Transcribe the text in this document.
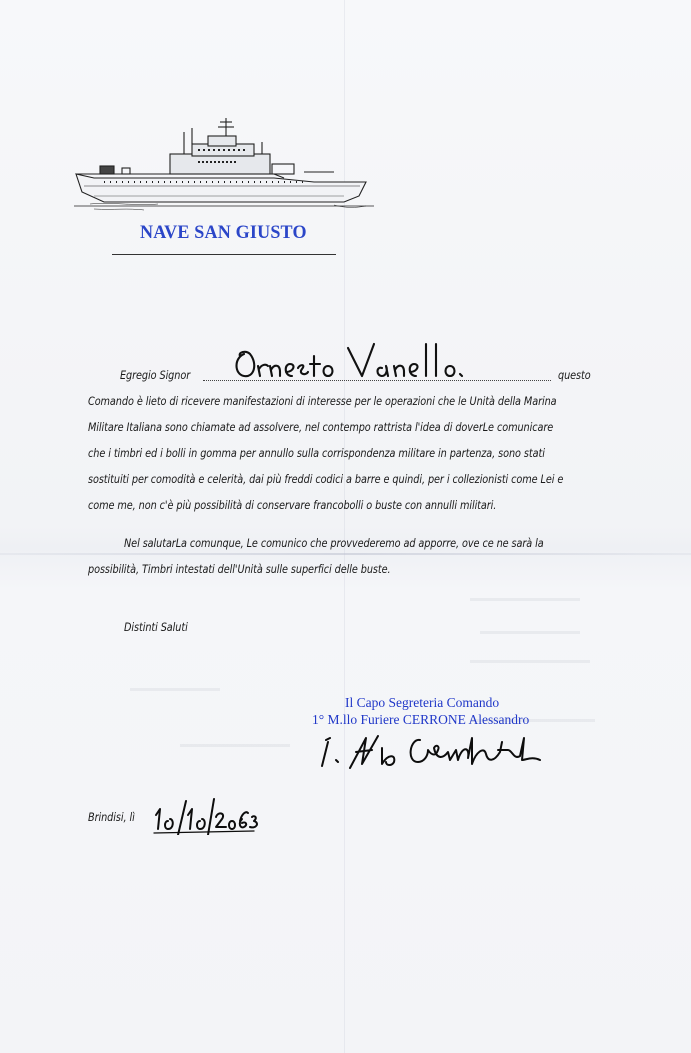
NAVE SAN GIUSTO
Egregio Signor	questo
Comando è lieto di ricevere manifestazioni di interesse per le operazioni che le Unità della Marina
Militare Italiana sono chiamate ad assolvere, nel contempo rattrista l'idea di doverLe comunicare
che i timbri ed i bolli in gomma per annullo sulla corrispondenza militare in partenza, sono stati
sostituiti per comodità e celerità, dai più freddi codici a barre e quindi, per i collezionisti come Lei e
come me, non c'è più possibilità di conservare francobolli o buste con annulli militari.
Nel salutarLa comunque, Le comunico che provvederemo ad apporre, ove ce ne sarà la
possibilità, Timbri intestati dell'Unità sulle superfici delle buste.
Distinti Saluti
Il Capo Segreteria Comando
1° M.llo Furiere CERRONE Alessandro
Brindisi, lì
